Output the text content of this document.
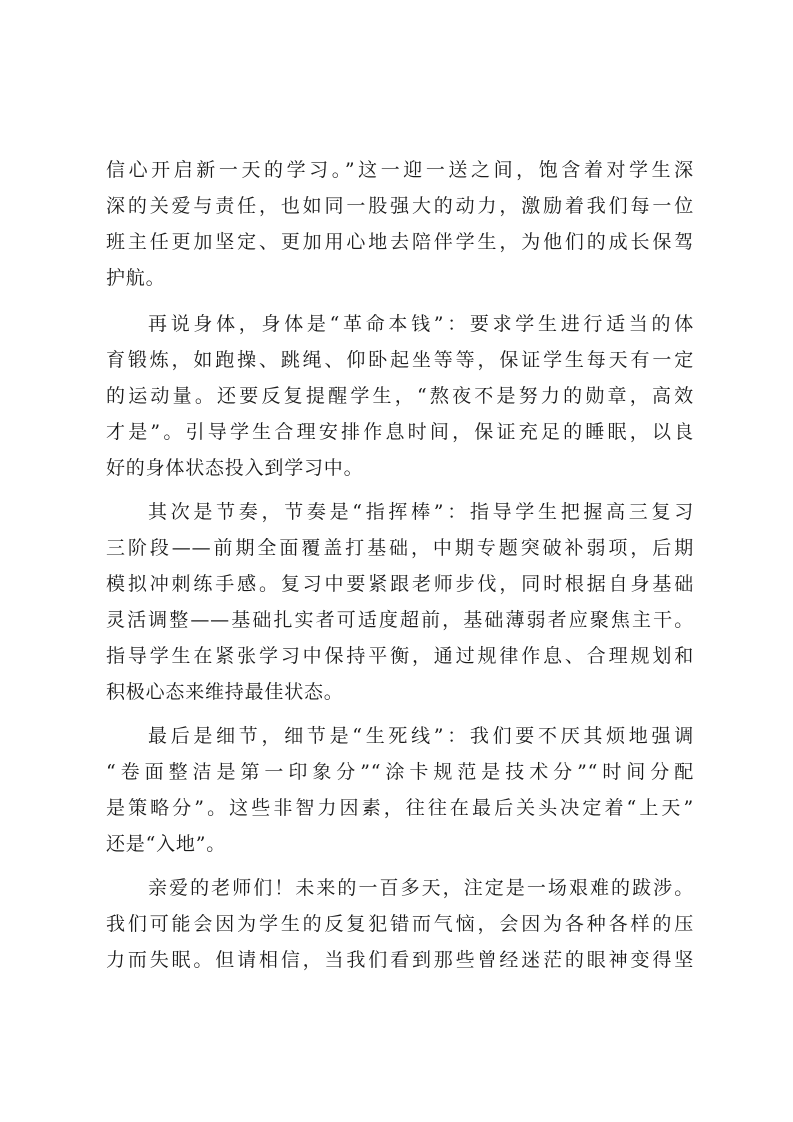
信心开启新一天的学习。”这一迎一送之间，饱含着对学生深
深的关爱与责任，也如同一股强大的动力，激励着我们每一位
班主任更加坚定、更加用心地去陪伴学生，为他们的成长保驾
护航。
再说身体，身体是“革命本钱”：要求学生进行适当的体
育锻炼，如跑操、跳绳、仰卧起坐等等，保证学生每天有一定
的运动量。还要反复提醒学生，“熬夜不是努力的勋章，高效
才是”。引导学生合理安排作息时间，保证充足的睡眠，以良
好的身体状态投入到学习中。
其次是节奏，节奏是“指挥棒”：指导学生把握高三复习
三阶段——前期全面覆盖打基础，中期专题突破补弱项，后期
模拟冲刺练手感。复习中要紧跟老师步伐，同时根据自身基础
灵活调整——基础扎实者可适度超前，基础薄弱者应聚焦主干。
指导学生在紧张学习中保持平衡，通过规律作息、合理规划和
积极心态来维持最佳状态。
最后是细节，细节是“生死线”：我们要不厌其烦地强调
“卷面整洁是第一印象分”“涂卡规范是技术分”“时间分配
是策略分”。这些非智力因素，往往在最后关头决定着“上天”
还是“入地”。
亲爱的老师们！未来的一百多天，注定是一场艰难的跋涉。
我们可能会因为学生的反复犯错而气恼，会因为各种各样的压
力而失眠。但请相信，当我们看到那些曾经迷茫的眼神变得坚
